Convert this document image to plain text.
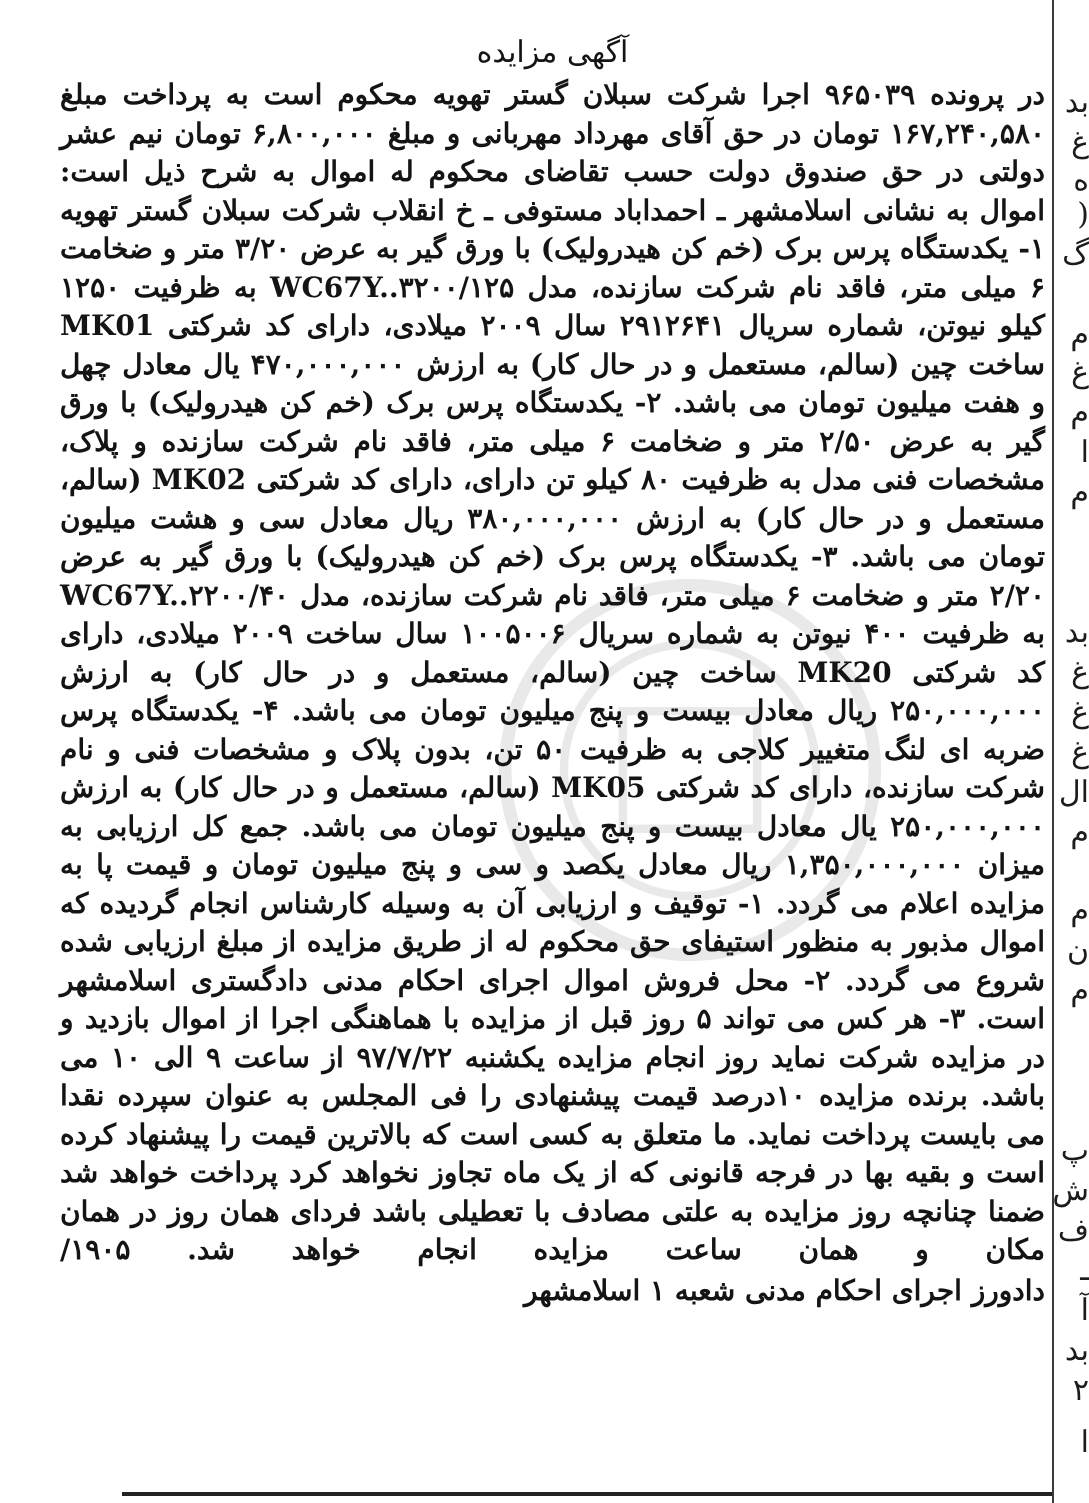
بد
غ
ه
(
گ
م
غ
م
ا
م
بد
غ
غ
غ
ال
م
م
ن
م
پ
ش
ف
ـ
آ
بد
۲
ا
آگهی مزایده

در پرونده ۹۶۵۰۳۹ اجرا شرکت سبلان گستر تهویه محکوم است به پرداخت مبلغ ۱۶۷,۲۴۰,۵۸۰ تومان در حق آقای مهرداد مهربانی و مبلغ ۶,۸۰۰,۰۰۰ تومان نیم عشر دولتی در حق صندوق دولت حسب تقاضای محکوم له اموال به شرح ذیل است: اموال به نشانی اسلامشهر ـ احمداباد مستوفی ـ خ انقلاب شرکت سبلان گستر تهویه ۱- یکدستگاه پرس برک (خم کن هیدرولیک) با ورق گیر به عرض ۳/۲۰ متر و ضخامت ۶ میلی متر، فاقد نام شرکت سازنده، مدل WC67Y..۳۲۰۰/۱۲۵ به ظرفیت ۱۲۵۰ کیلو نیوتن، شماره سریال ۲۹۱۲۶۴۱ سال ۲۰۰۹ میلادی، دارای کد شرکتی MK01 ساخت چین (سالم، مستعمل و در حال کار) به ارزش ۴۷۰,۰۰۰,۰۰۰ یال معادل چهل و هفت میلیون تومان می باشد. ۲- یکدستگاه پرس برک (خم کن هیدرولیک) با ورق گیر به عرض ۲/۵۰ متر و ضخامت ۶ میلی متر، فاقد نام شرکت سازنده و پلاک، مشخصات فنی مدل به ظرفیت ۸۰ کیلو تن دارای، دارای کد شرکتی MK02 (سالم، مستعمل و در حال کار) به ارزش ۳۸۰,۰۰۰,۰۰۰ ریال معادل سی و هشت میلیون تومان می باشد. ۳- یکدستگاه پرس برک (خم کن هیدرولیک) با ورق گیر به عرض ۲/۲۰ متر و ضخامت ۶ میلی متر، فاقد نام شرکت سازنده، مدل WC67Y..۲۲۰۰/۴۰ به ظرفیت ۴۰۰ نیوتن به شماره سریال ۱۰۰۵۰۰۶ سال ساخت ۲۰۰۹ میلادی، دارای کد شرکتی MK20 ساخت چین (سالم، مستعمل و در حال کار) به ارزش ۲۵۰,۰۰۰,۰۰۰ ریال معادل بیست و پنج میلیون تومان می باشد. ۴- یکدستگاه پرس ضربه ای لنگ متغییر کلاجی به ظرفیت ۵۰ تن، بدون پلاک و مشخصات فنی و نام شرکت سازنده، دارای کد شرکتی MK05 (سالم، مستعمل و در حال کار) به ارزش ۲۵۰,۰۰۰,۰۰۰ یال معادل بیست و پنج میلیون تومان می باشد. جمع کل ارزیابی به میزان ۱,۳۵۰,۰۰۰,۰۰۰ ریال معادل یکصد و سی و پنج میلیون تومان و قیمت پا به مزایده اعلام می گردد. ۱- توقیف و ارزیابی آن به وسیله کارشناس انجام گردیده که اموال مذبور به منظور استیفای حق محکوم له از طریق مزایده از مبلغ ارزیابی شده شروع می گردد. ۲- محل فروش اموال اجرای احکام مدنی دادگستری اسلامشهر است. ۳- هر کس می تواند ۵ روز قبل از مزایده با هماهنگی اجرا از اموال بازدید و در مزایده شرکت نماید روز انجام مزایده یکشنبه ۹۷/۷/۲۲ از ساعت ۹ الی ۱۰ می باشد. برنده مزایده ۱۰درصد قیمت پیشنهادی را فی المجلس به عنوان سپرده نقدا می بایست پرداخت نماید. ما متعلق به کسی است که بالاترین قیمت را پیشنهاد کرده است و بقیه بها در فرجه قانونی که از یک ماه تجاوز نخواهد کرد پرداخت خواهد شد ضمنا چنانچه روز مزایده به علتی مصادف با تعطیلی باشد فردای همان روز در همان مکان و همان ساعت مزایده انجام خواهد شد. ۱۹۰۵/

دادورز اجرای احکام مدنی شعبه ۱ اسلامشهر
